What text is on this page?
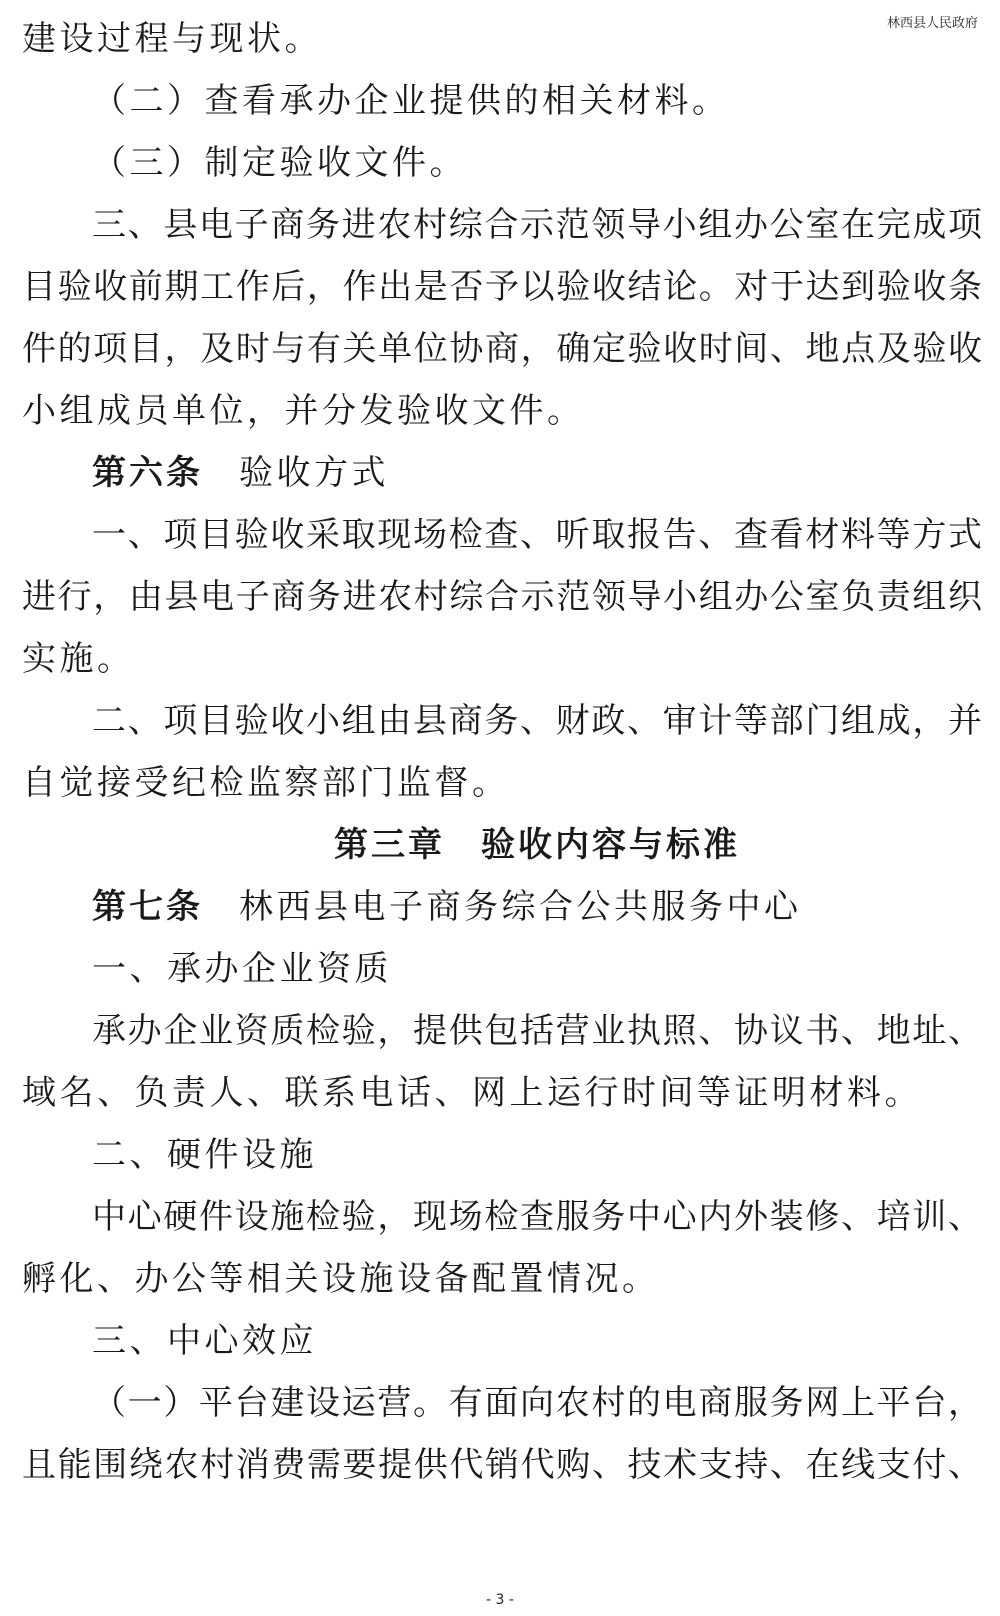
林西县人民政府
建设过程与现状。
（二）查看承办企业提供的相关材料。
（三）制定验收文件。
三、县电子商务进农村综合示范领导小组办公室在完成项
目验收前期工作后，作出是否予以验收结论。对于达到验收条
件的项目，及时与有关单位协商，确定验收时间、地点及验收
小组成员单位，并分发验收文件。
第六条 验收方式
一、项目验收采取现场检查、听取报告、查看材料等方式
进行，由县电子商务进农村综合示范领导小组办公室负责组织
实施。
二、项目验收小组由县商务、财政、审计等部门组成，并
自觉接受纪检监察部门监督。
第三章 验收内容与标准
第七条 林西县电子商务综合公共服务中心
一、承办企业资质
承办企业资质检验，提供包括营业执照、协议书、地址、
域名、负责人、联系电话、网上运行时间等证明材料。
二、硬件设施
中心硬件设施检验，现场检查服务中心内外装修、培训、
孵化、办公等相关设施设备配置情况。
三、中心效应
（一）平台建设运营。有面向农村的电商服务网上平台，
且能围绕农村消费需要提供代销代购、技术支持、在线支付、
- 3 -
